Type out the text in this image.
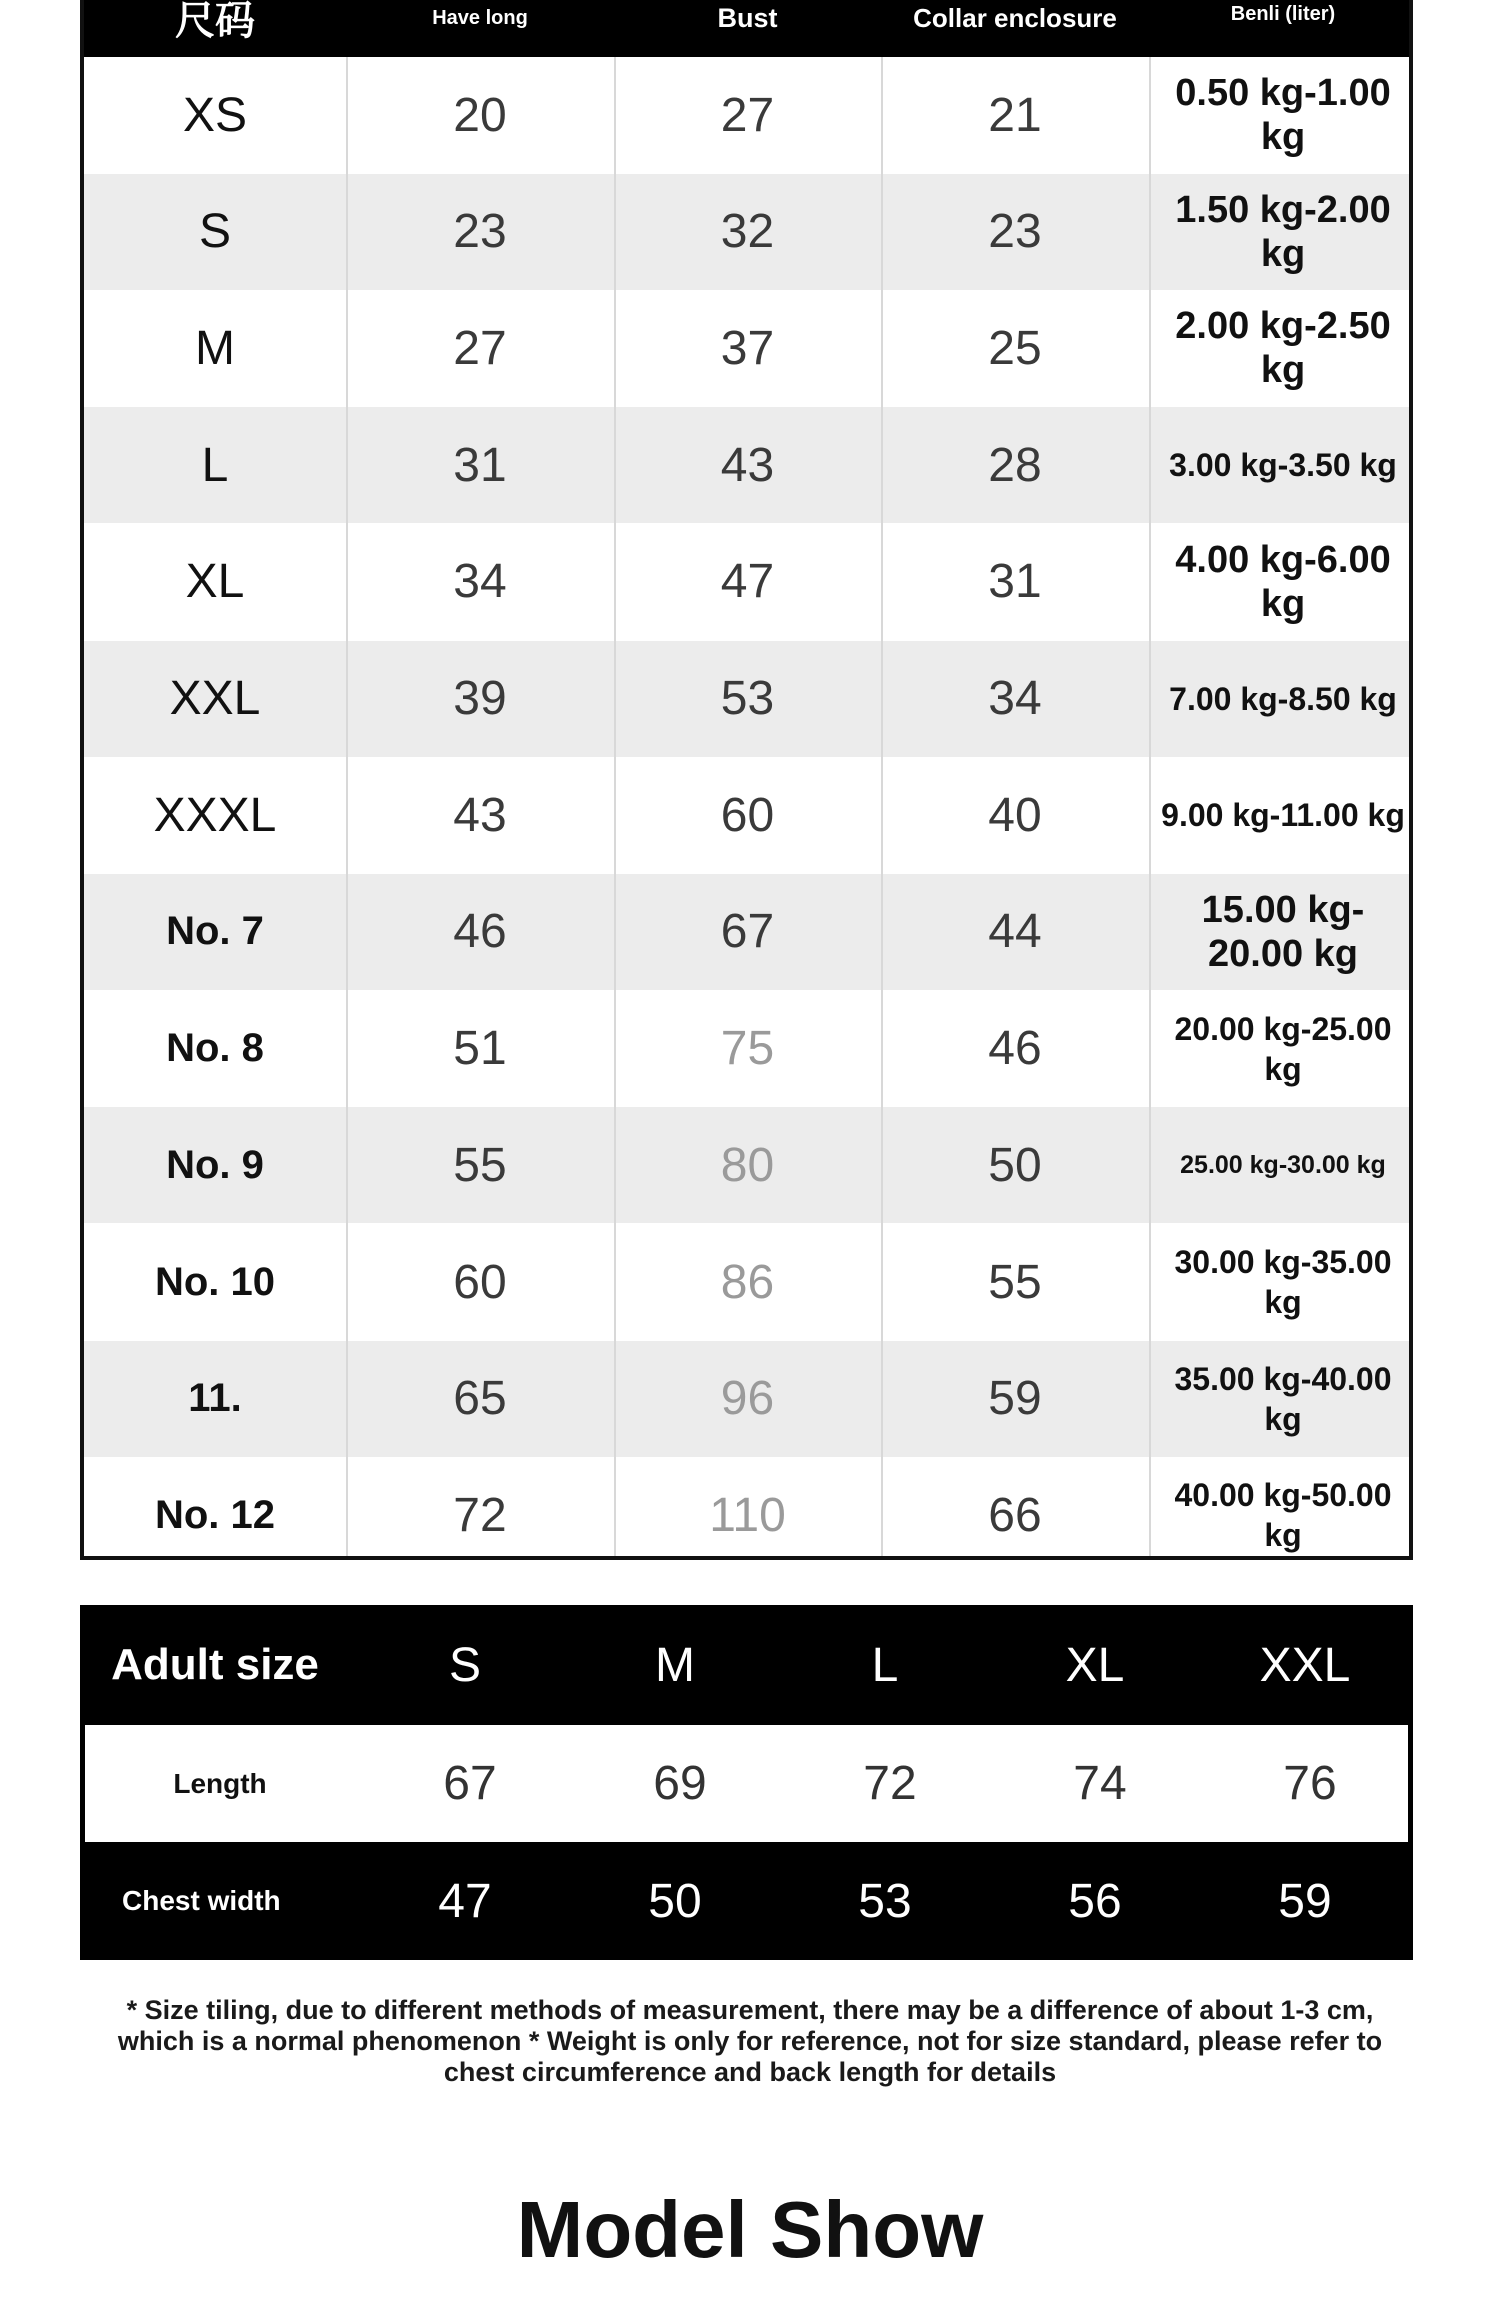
尺码	Have long	Bust	Collar enclosure	Benli (liter)
XS	20	27	21	0.50 kg-1.00 kg
S	23	32	23	1.50 kg-2.00 kg
M	27	37	25	2.00 kg-2.50 kg
L	31	43	28	3.00 kg-3.50 kg
XL	34	47	31	4.00 kg-6.00 kg
XXL	39	53	34	7.00 kg-8.50 kg
XXXL	43	60	40	9.00 kg-11.00 kg
No. 7	46	67	44	15.00 kg-20.00 kg
No. 8	51	75	46	20.00 kg-25.00 kg
No. 9	55	80	50	25.00 kg-30.00 kg
No. 10	60	86	55	30.00 kg-35.00 kg
11.	65	96	59	35.00 kg-40.00 kg
No. 12	72	110	66	40.00 kg-50.00 kg
Adult size	S	M	L	XL	XXL
Length	67	69	72	74	76
Chest width	47	50	53	56	59
* Size tiling, due to different methods of measurement, there may be a difference of about 1-3 cm, which is a normal phenomenon * Weight is only for reference, not for size standard, please refer to chest circumference and back length for details
Model Show
